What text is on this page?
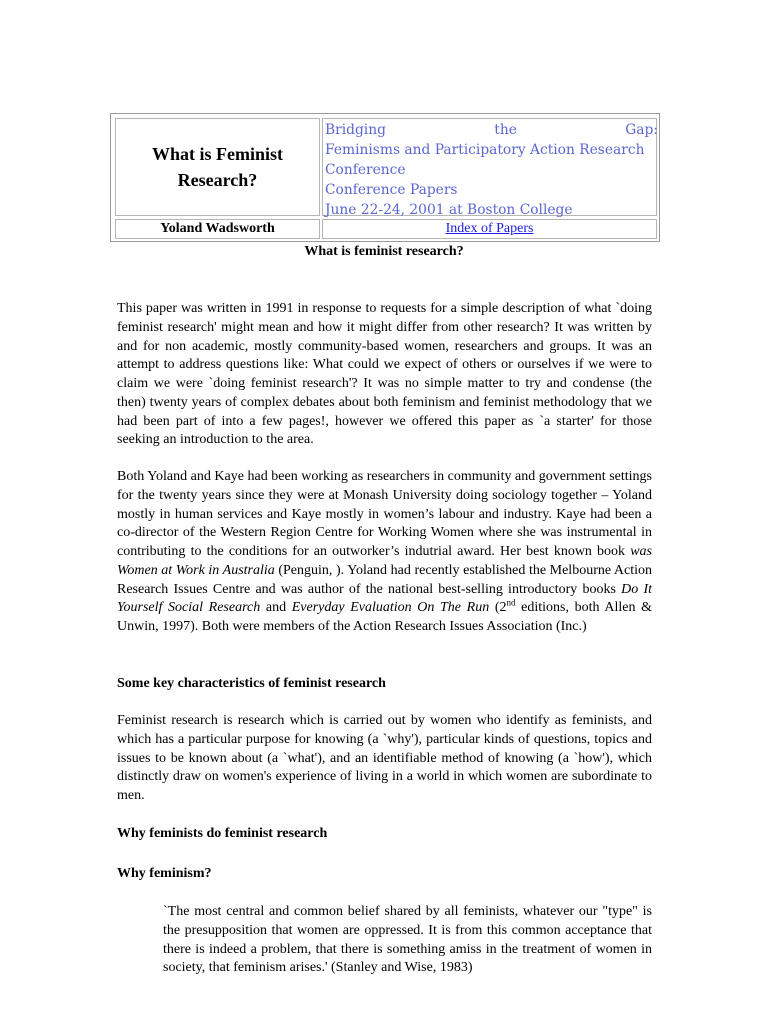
What is Feminist
Research?
Bridging the Gap:
Feminisms and Participatory Action Research
Conference
Conference Papers
June 22-24, 2001 at Boston College
Yoland Wadsworth	Index of Papers
What is feminist research?

This paper was written in 1991 in response to requests for a simple description of what `doing feminist research' might mean and how it might differ from other research? It was written by and for non academic, mostly community-based women, researchers and groups. It was an attempt to address questions like: What could we expect of others or ourselves if we were to claim we were `doing feminist research'? It was no simple matter to try and condense (the then) twenty years of complex debates about both feminism and feminist methodology that we had been part of into a few pages!, however we offered this paper as `a starter' for those seeking an introduction to the area.

Both Yoland and Kaye had been working as researchers in community and government settings for the twenty years since they were at Monash University doing sociology together – Yoland mostly in human services and Kaye mostly in women’s labour and industry. Kaye had been a co-director of the Western Region Centre for Working Women where she was instrumental in contributing to the conditions for an outworker’s indutrial award. Her best known book was Women at Work in Australia (Penguin, ). Yoland had recently established the Melbourne Action Research Issues Centre and was author of the national best-selling introductory books Do It Yourself Social Research and Everyday Evaluation On The Run (2nd editions, both Allen & Unwin, 1997). Both were members of the Action Research Issues Association (Inc.)

Some key characteristics of feminist research

Feminist research is research which is carried out by women who identify as feminists, and which has a particular purpose for knowing (a `why'), particular kinds of questions, topics and issues to be known about (a `what'), and an identifiable method of knowing (a `how'), which distinctly draw on women's experience of living in a world in which women are subordinate to men.

Why feminists do feminist research

Why feminism?

`The most central and common belief shared by all feminists, whatever our "type" is the presupposition that women are oppressed. It is from this common acceptance that there is indeed a problem, that there is something amiss in the treatment of women in society, that feminism arises.' (Stanley and Wise, 1983)
